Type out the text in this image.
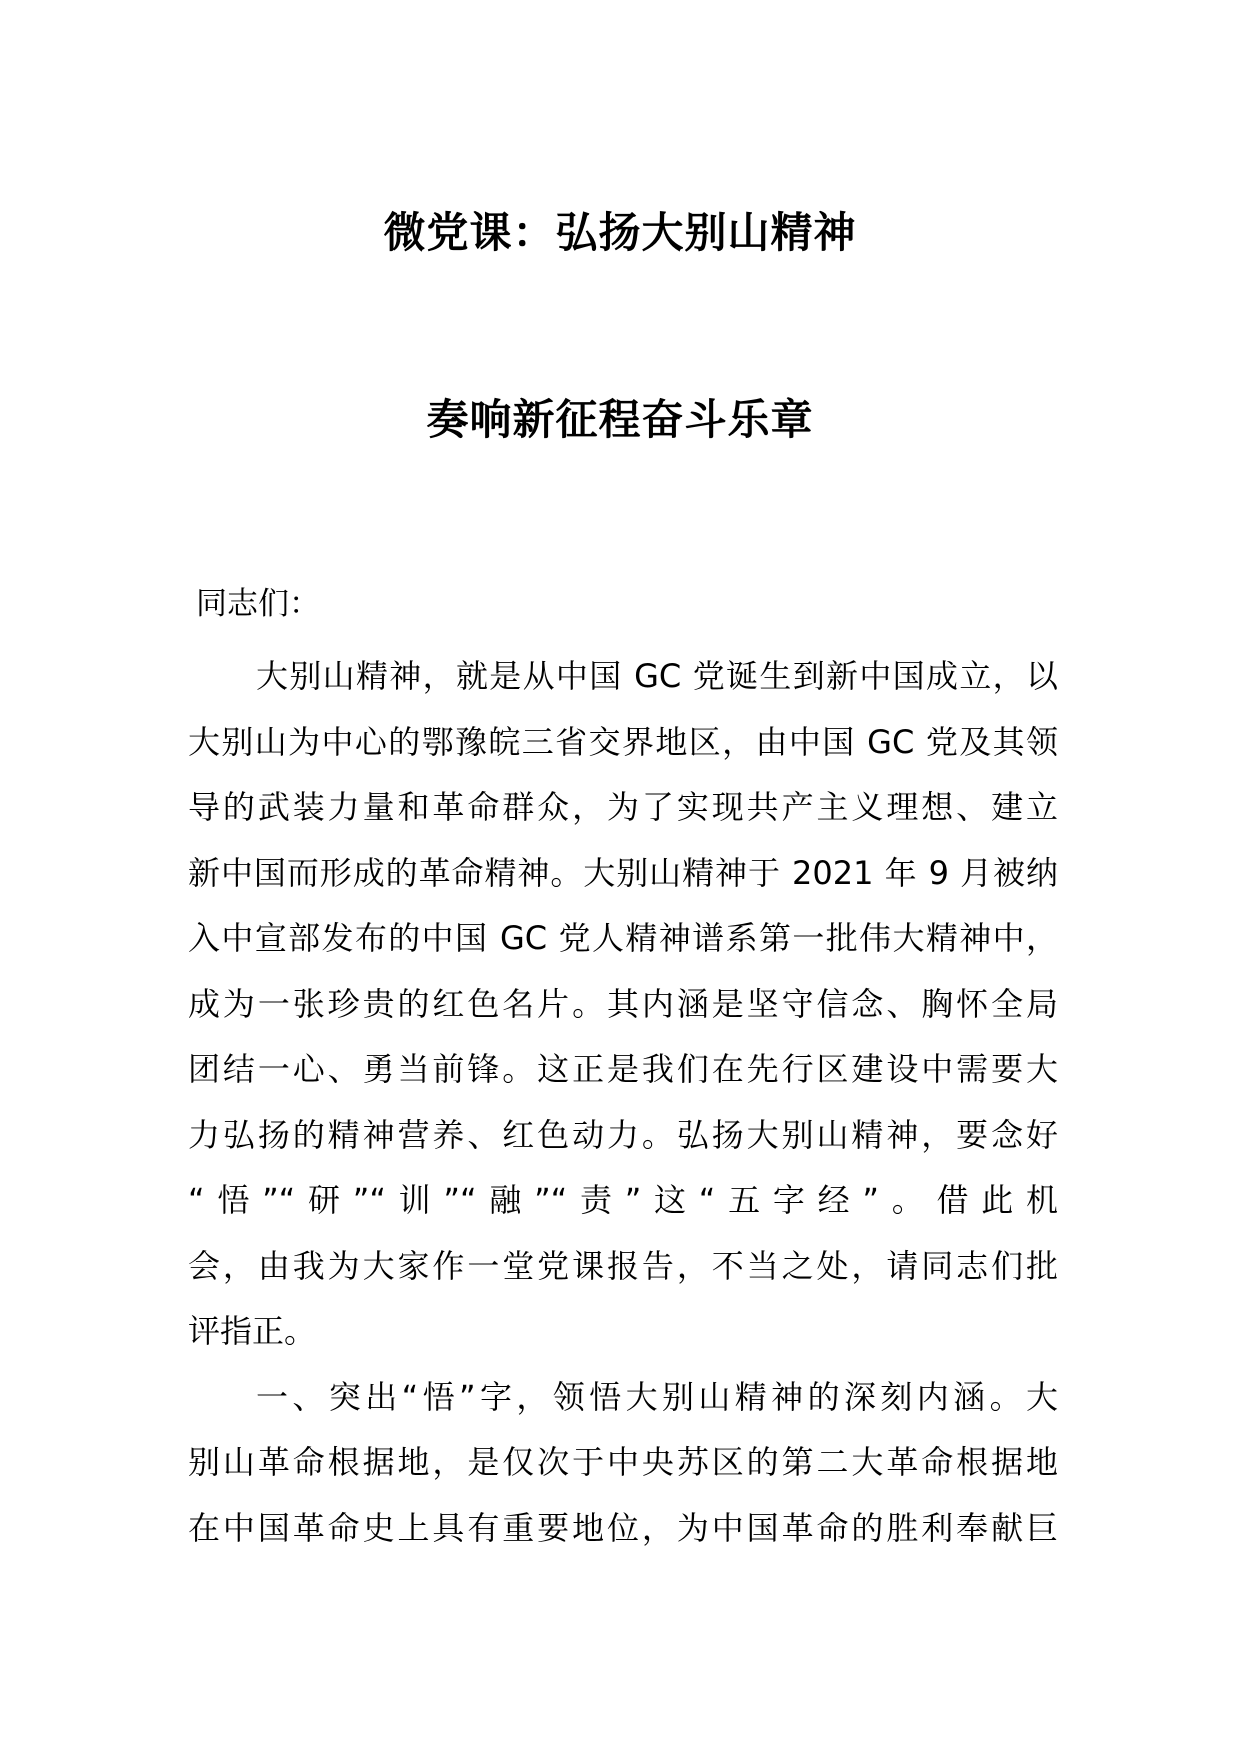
微党课：弘扬大别山精神
奏响新征程奋斗乐章
同志们：
大别山精神，就是从中国 GC 党诞生到新中国成立，以
大别山为中心的鄂豫皖三省交界地区，由中国 GC 党及其领
导的武装力量和革命群众，为了实现共产主义理想、建立
新中国而形成的革命精神。大别山精神于 2021 年 9 月被纳
入中宣部发布的中国 GC 党人精神谱系第一批伟大精神中，
成为一张珍贵的红色名片。其内涵是坚守信念、胸怀全局
团结一心、勇当前锋。这正是我们在先行区建设中需要大
力弘扬的精神营养、红色动力。弘扬大别山精神，要念好
“悟”“研”“训”“融”“责”这“五字经”。借此机
会，由我为大家作一堂党课报告，不当之处，请同志们批
评指正。
一、突出“悟”字，领悟大别山精神的深刻内涵。大
别山革命根据地，是仅次于中央苏区的第二大革命根据地
在中国革命史上具有重要地位，为中国革命的胜利奉献巨
